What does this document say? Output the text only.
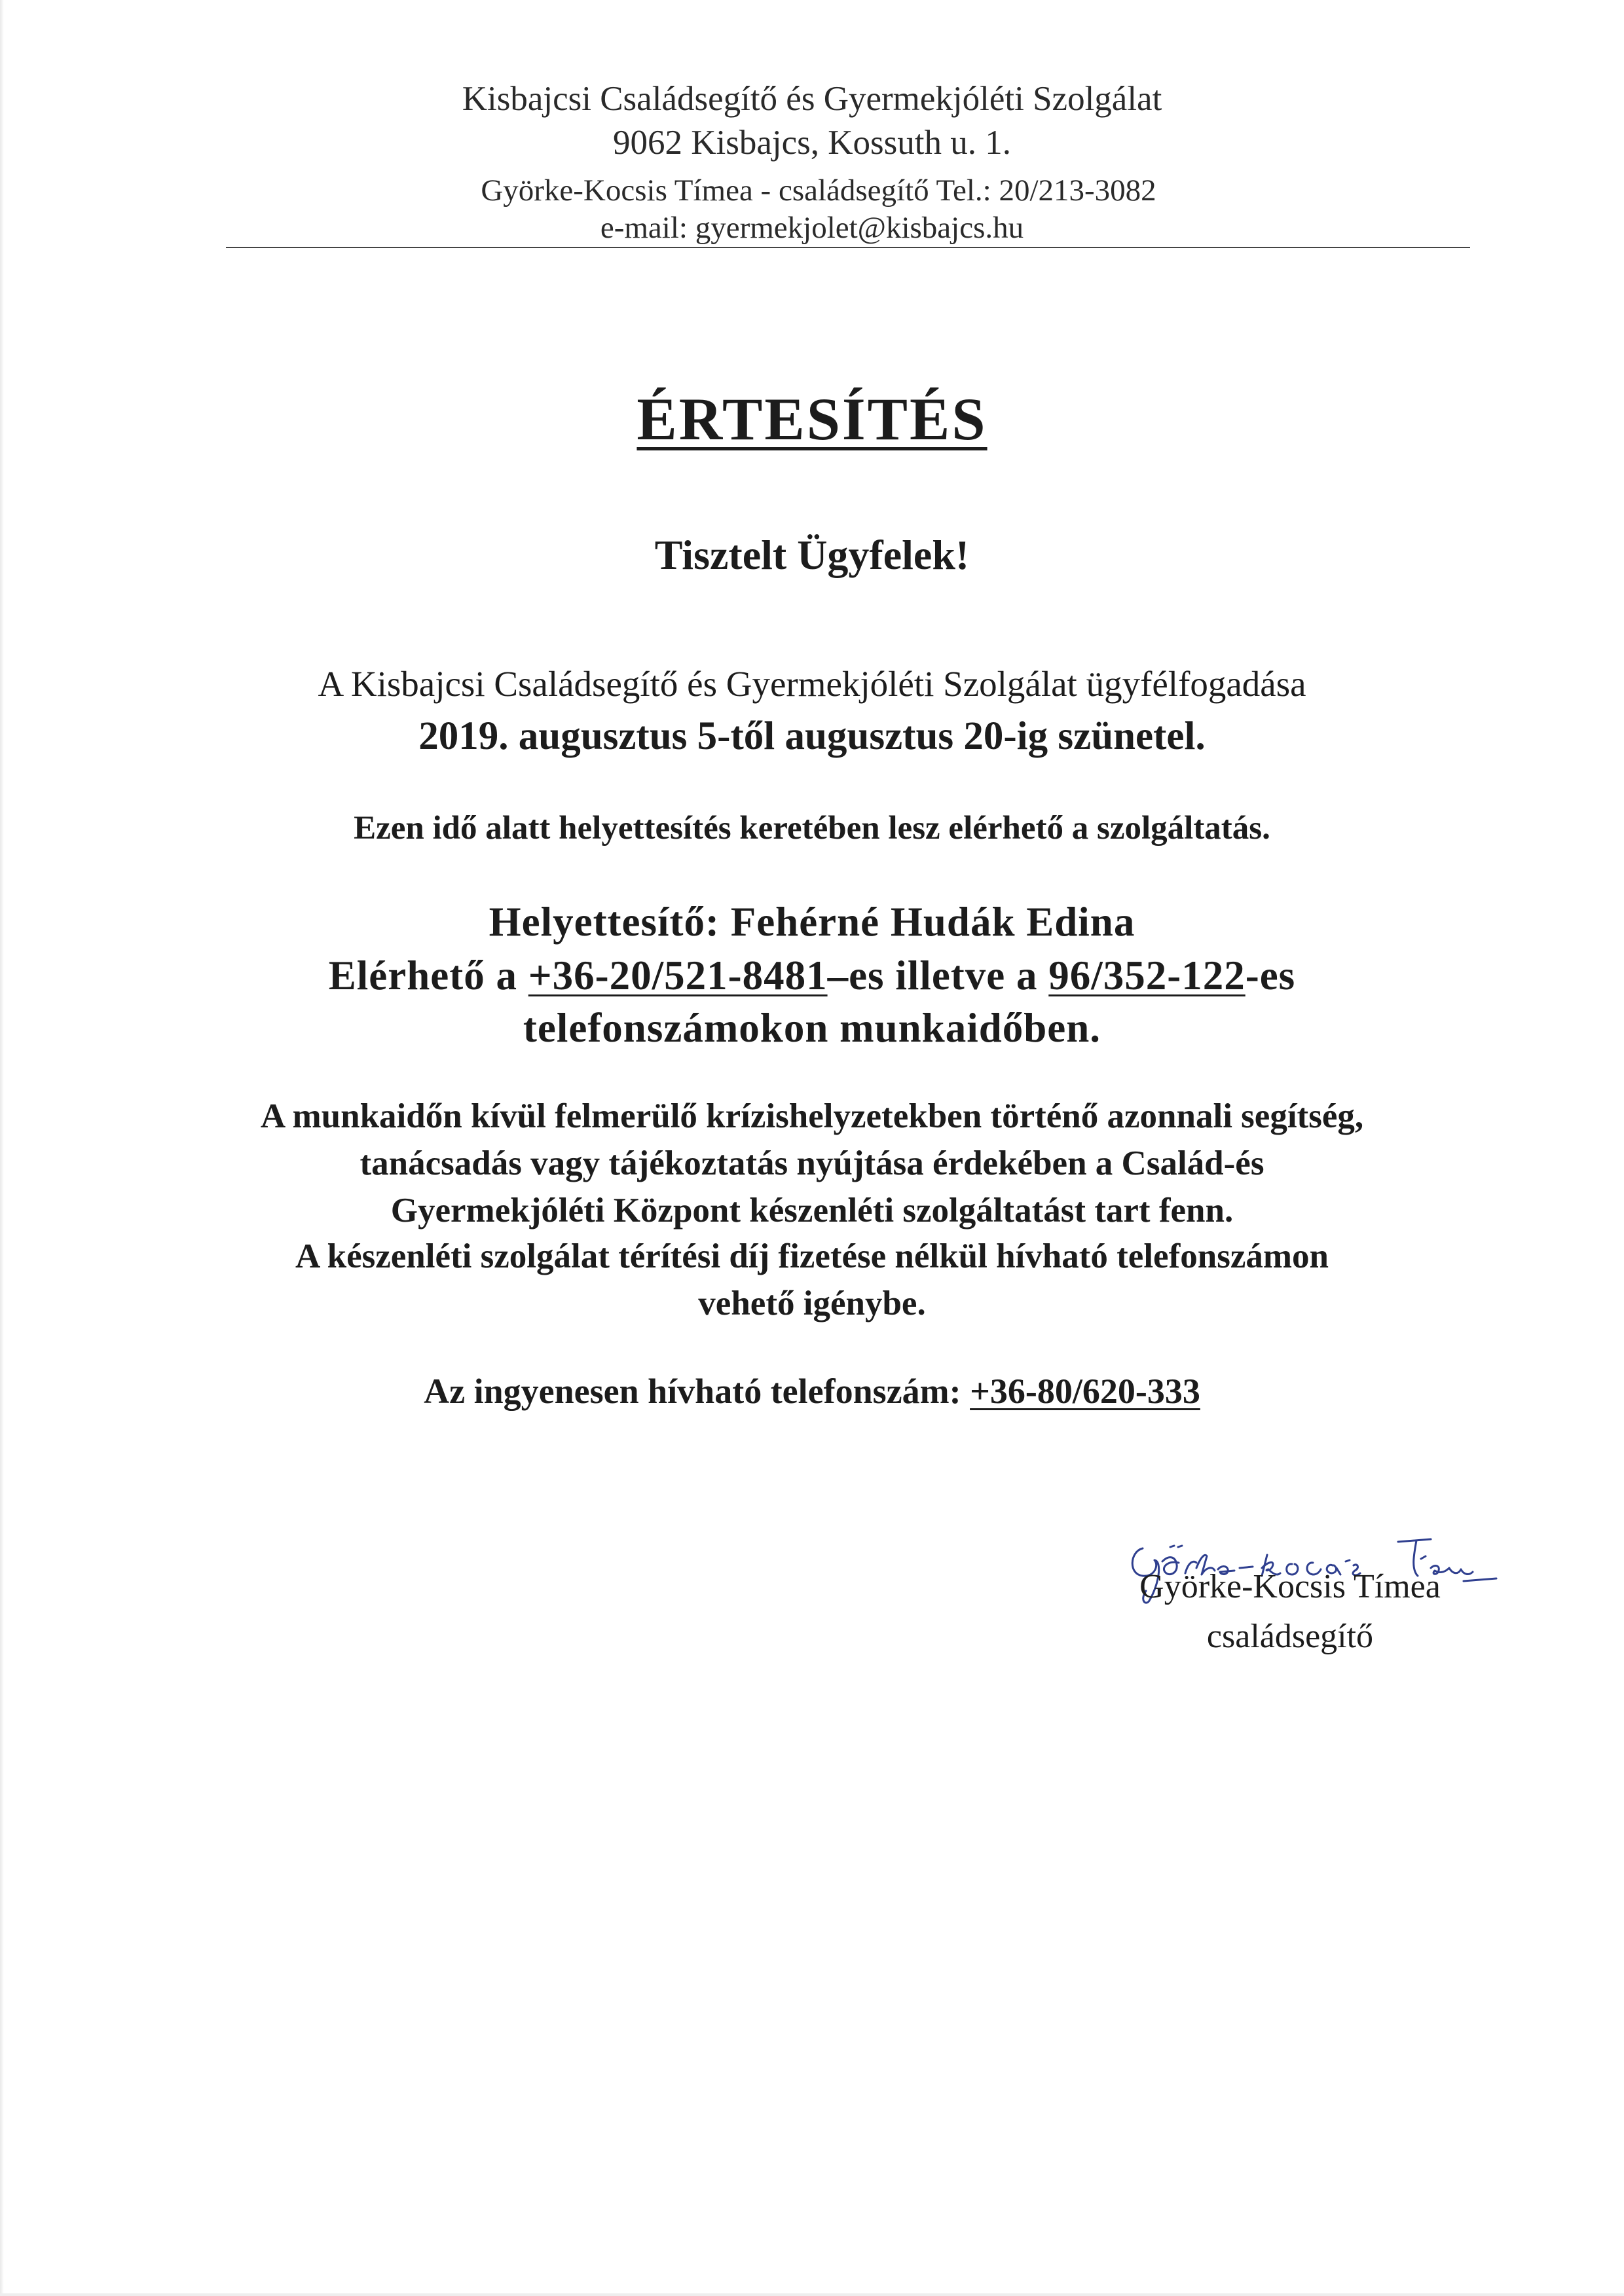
Kisbajcsi Családsegítő és Gyermekjóléti Szolgálat
9062 Kisbajcs, Kossuth u. 1.
Györke-Kocsis Tímea - családsegítő Tel.: 20/213-3082
e-mail: gyermekjolet@kisbajcs.hu
ÉRTESÍTÉS
Tisztelt Ügyfelek!
A Kisbajcsi Családsegítő és Gyermekjóléti Szolgálat ügyfélfogadása
2019. augusztus 5-től augusztus 20-ig szünetel.
Ezen idő alatt helyettesítés keretében lesz elérhető a szolgáltatás.
Helyettesítő: Fehérné Hudák Edina
Elérhető a +36-20/521-8481–es illetve a 96/352-122-es
telefonszámokon munkaidőben.
A munkaidőn kívül felmerülő krízishelyzetekben történő azonnali segítség,
tanácsadás vagy tájékoztatás nyújtása érdekében a Család-és
Gyermekjóléti Központ készenléti szolgáltatást tart fenn.
A készenléti szolgálat térítési díj fizetése nélkül hívható telefonszámon
vehető igénybe.
Az ingyenesen hívható telefonszám: +36-80/620-333
Györke-Kocsis Tímea
családsegítő
